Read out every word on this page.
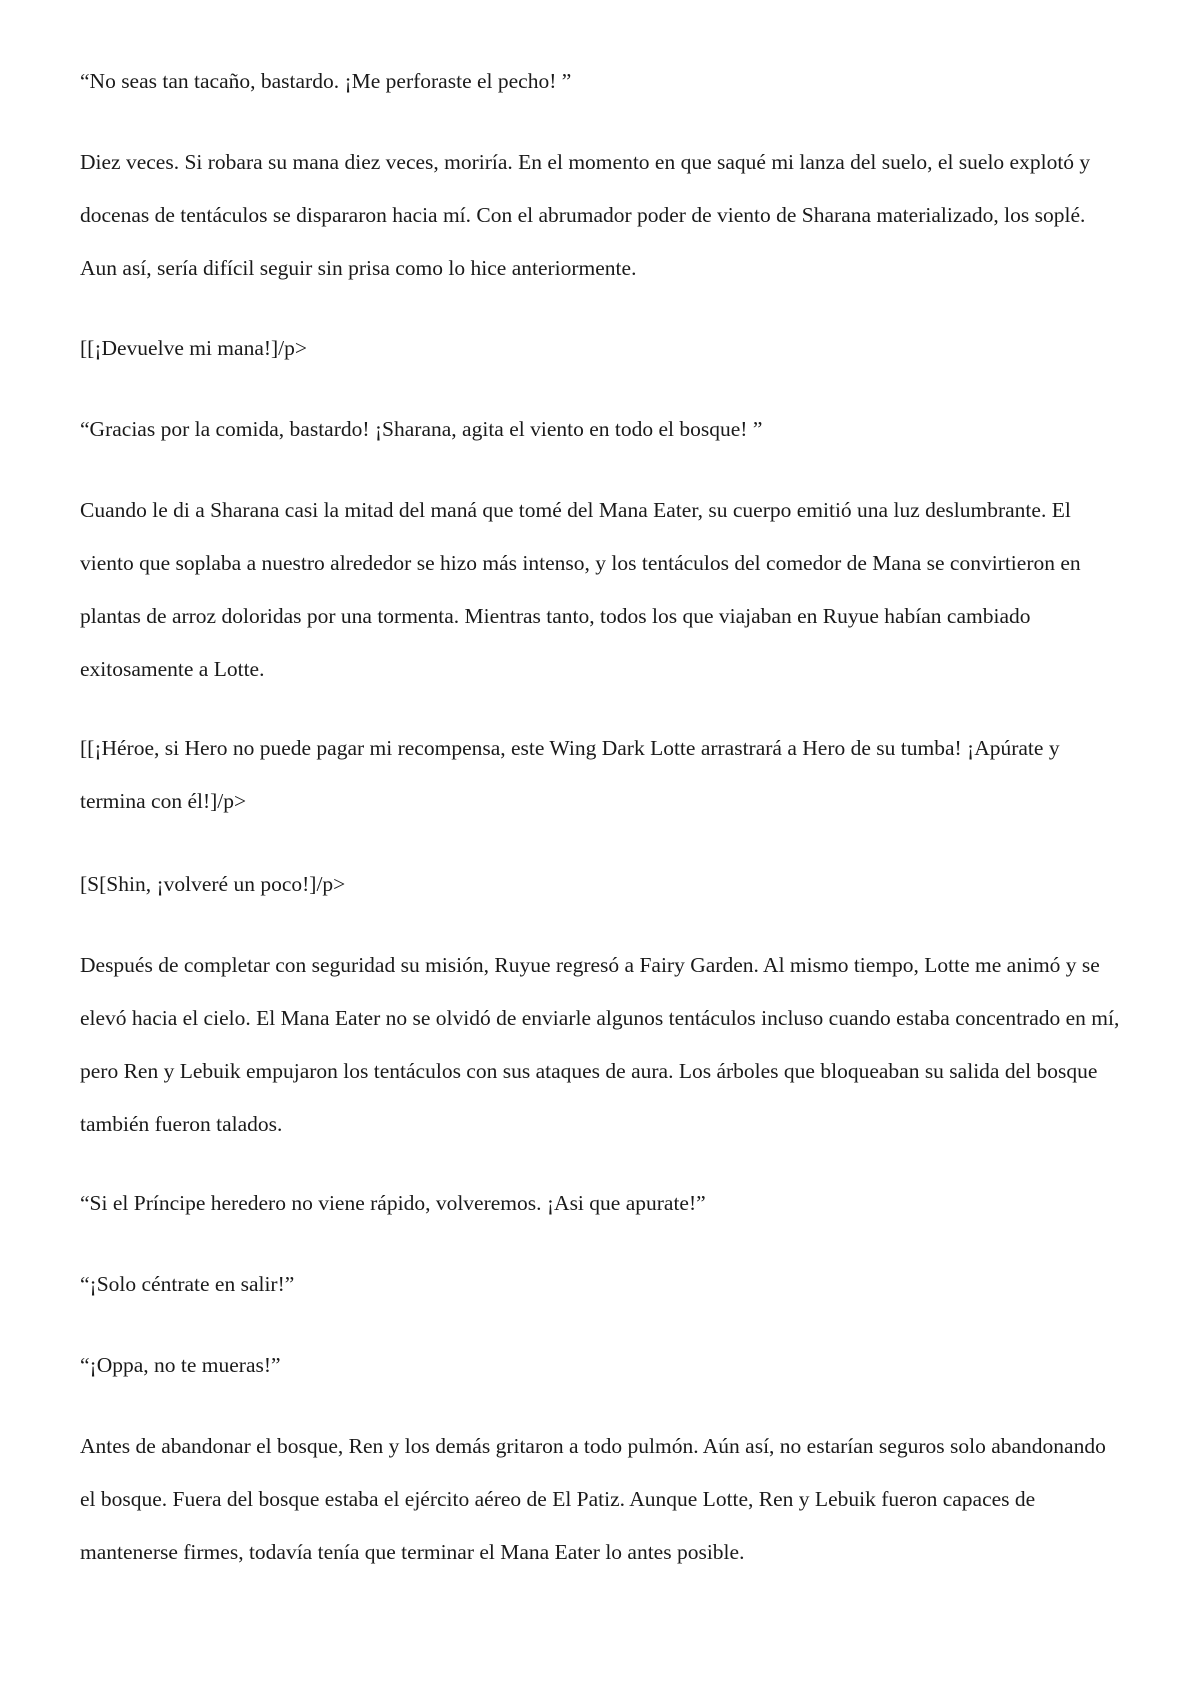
“No seas tan tacaño, bastardo. ¡Me perforaste el pecho! ”

Diez veces. Si robara su mana diez veces, moriría. En el momento en que saqué mi lanza del suelo, el suelo explotó y docenas de tentáculos se dispararon hacia mí. Con el abrumador poder de viento de Sharana materializado, los soplé. Aun así, sería difícil seguir sin prisa como lo hice anteriormente.

[[¡Devuelve mi mana!]/p>

“Gracias por la comida, bastardo! ¡Sharana, agita el viento en todo el bosque! ”

Cuando le di a Sharana casi la mitad del maná que tomé del Mana Eater, su cuerpo emitió una luz deslumbrante. El viento que soplaba a nuestro alrededor se hizo más intenso, y los tentáculos del comedor de Mana se convirtieron en plantas de arroz doloridas por una tormenta. Mientras tanto, todos los que viajaban en Ruyue habían cambiado exitosamente a Lotte.

[[¡Héroe, si Hero no puede pagar mi recompensa, este Wing Dark Lotte arrastrará a Hero de su tumba! ¡Apúrate y termina con él!]/p>

[S[Shin, ¡volveré un poco!]/p>

Después de completar con seguridad su misión, Ruyue regresó a Fairy Garden. Al mismo tiempo, Lotte me animó y se elevó hacia el cielo. El Mana Eater no se olvidó de enviarle algunos tentáculos incluso cuando estaba concentrado en mí, pero Ren y Lebuik empujaron los tentáculos con sus ataques de aura. Los árboles que bloqueaban su salida del bosque también fueron talados.

“Si el Príncipe heredero no viene rápido, volveremos. ¡Asi que apurate!”

“¡Solo céntrate en salir!”

“¡Oppa, no te mueras!”

Antes de abandonar el bosque, Ren y los demás gritaron a todo pulmón. Aún así, no estarían seguros solo abandonando el bosque. Fuera del bosque estaba el ejército aéreo de El Patiz. Aunque Lotte, Ren y Lebuik fueron capaces de mantenerse firmes, todavía tenía que terminar el Mana Eater lo antes posible.
